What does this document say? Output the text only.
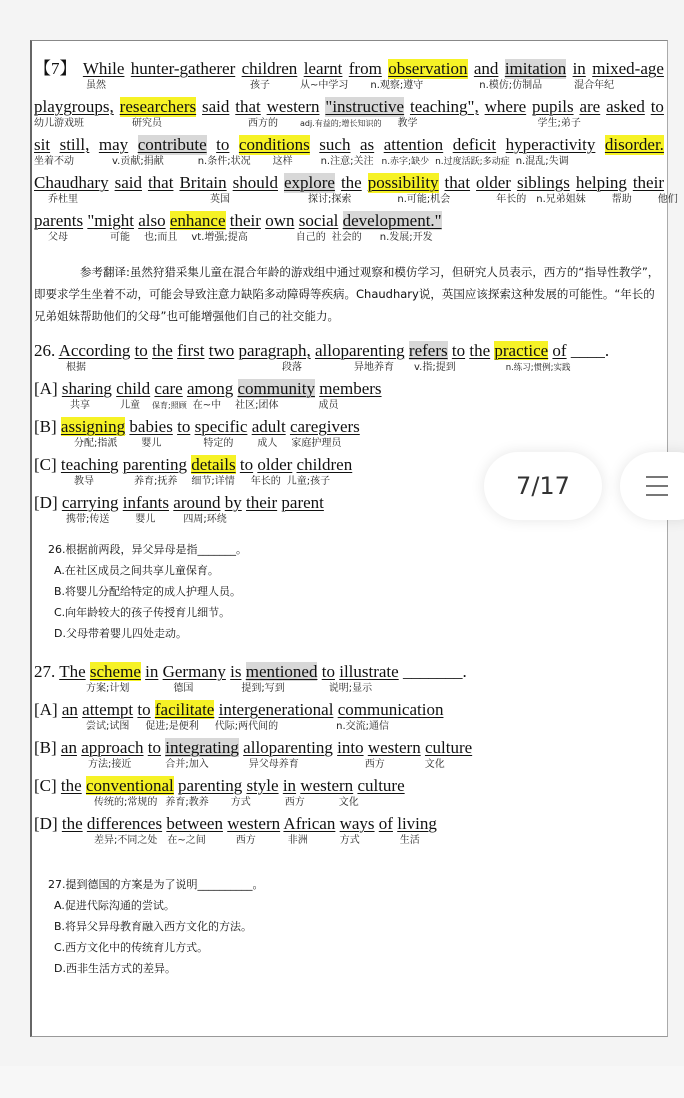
【7】 While hunter-gatherer children learnt from observation and imitation in mixed-age
虽然	孩子	从~中学习 n.观察;遵守	n.模仿;仿制品	混合年纪
playgroups, researchers said that western "instructive teaching", where pupils are asked to
幼儿游戏班	研究员	西方的	adj.有益的;增长知识的 教学	学生;弟子
sit still, may contribute to conditions such as attention deficit hyperactivity disorder.
坐着不动	v.贡献;捐献	n.条件;状况 这样	n.注意;关注 n.赤字;缺少 n.过度活跃;多动症 n.混乱;失调
Chaudhary said that Britain should explore the possibility that older siblings helping their
乔杜里	英国	探讨;探索	n.可能;机会	年长的 n.兄弟姐妹	帮助	他们
parents "might also enhance their own social development."
父母	可能 也;而且 vt.增强;提高	自己的 社会的 n.发展;开发

参考翻译:虽然狩猎采集儿童在混合年龄的游戏组中通过观察和模仿学习，但研究人员表示，西方的“指导性教学”，即要求学生坐着不动，可能会导致注意力缺陷多动障碍等疾病。Chaudhary说，英国应该探索这种发展的可能性。“年长的兄弟姐妹帮助他们的父母”也可能增强他们自己的社交能力。

26. According to the first two paragraph, alloparenting refers to the practice of ____.
根据	段落	异地养育 v.指;提到	n.练习;惯例;实践
[A] sharing child care among community members
共享	儿童 保育;照顾 在~中 社区;团体	成员
[B] assigning babies to specific adult caregivers
分配;指派 婴儿	特定的 成人 家庭护理员
[C] teaching parenting details to older children
教导	养育;抚养 细节;详情 年长的 儿童;孩子
[D] carrying infants around by their parent
携带;传送	婴儿	四周;环绕
26.根据前两段，异父异母是指_______。
A.在社区成员之间共享儿童保育。
B.将婴儿分配给特定的成人护理人员。
C.向年龄较大的孩子传授育儿细节。
D.父母带着婴儿四处走动。
27. The scheme in Germany is mentioned to illustrate _______.
方案;计划	德国	提到;写到	说明;显示
[A] an attempt to facilitate intergenerational communication
尝试;试图 促进;是便利 代际;两代间的	n.交流;通信
[B] an approach to integrating alloparenting into western culture
方法;接近	合并;加入	异父母养育	西方	文化
[C] the conventional parenting style in western culture
传统的;常规的 养育;教养 方式	西方	文化
[D] the differences between western African ways of living
差异;不同之处 在~之间	西方	非洲	方式	生活
27.提到德国的方案是为了说明__________。
A.促进代际沟通的尝试。
B.将异父异母教育融入西方文化的方法。
C.西方文化中的传统育儿方式。
D.西非生活方式的差异。
7/17
